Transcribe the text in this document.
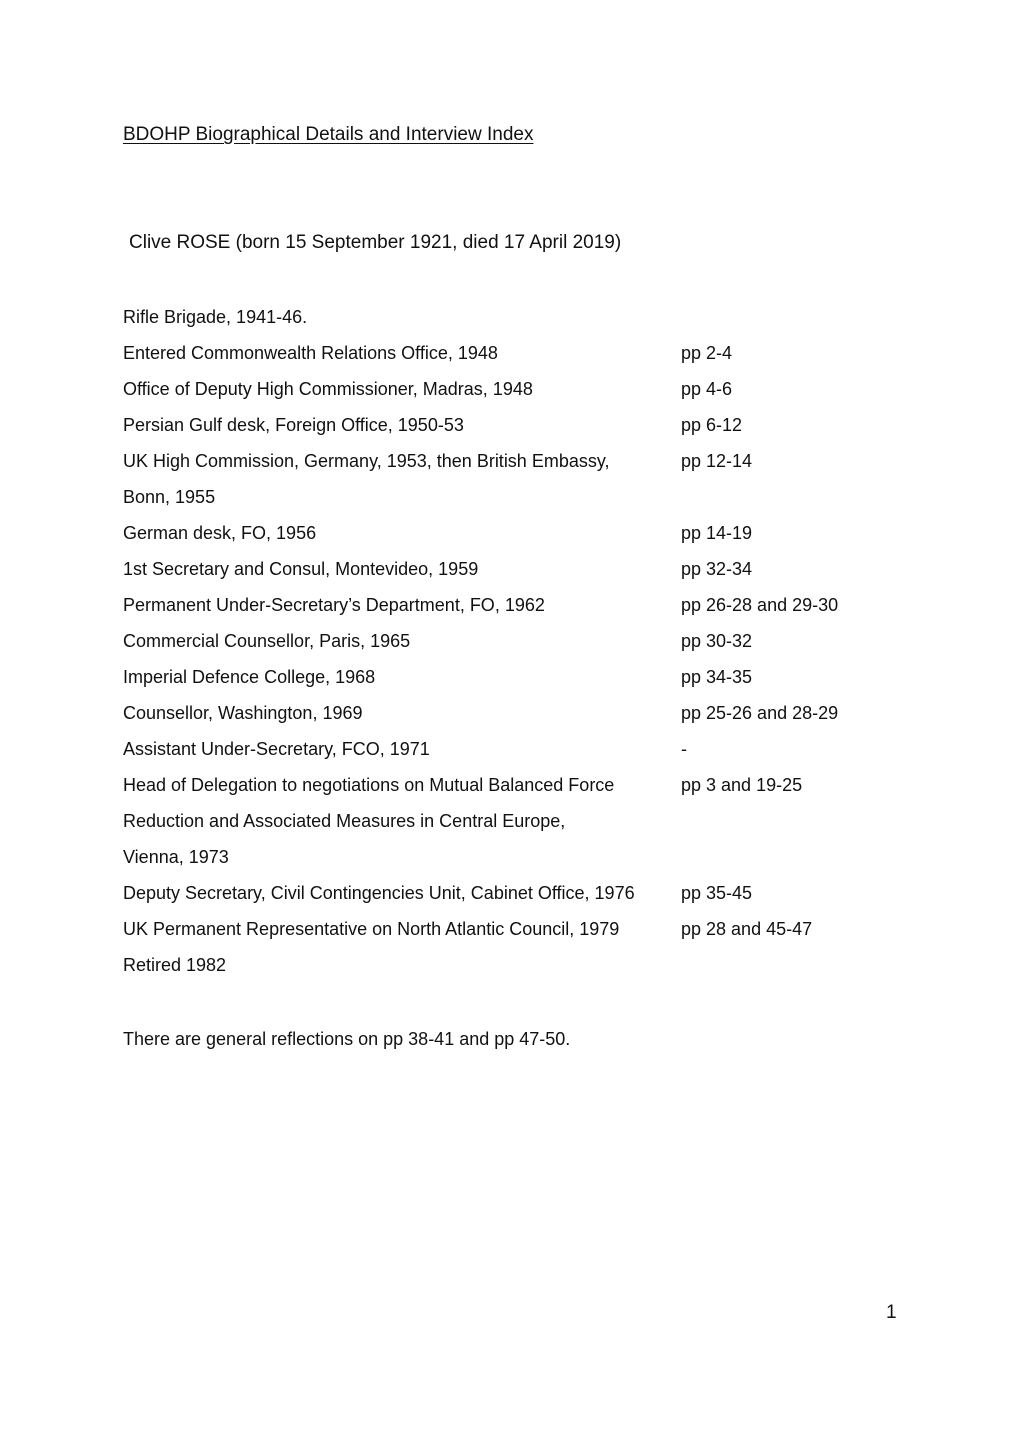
BDOHP Biographical Details and Interview Index
Clive ROSE (born 15 September 1921, died 17 April 2019)
Rifle Brigade, 1941-46.
Entered Commonwealth Relations Office, 1948	pp 2-4
Office of Deputy High Commissioner, Madras, 1948	pp 4-6
Persian Gulf desk, Foreign Office, 1950-53	pp 6-12
UK High Commission, Germany, 1953, then British Embassy,	pp 12-14
Bonn, 1955
German desk, FO, 1956	pp 14-19
1st Secretary and Consul, Montevideo, 1959	pp 32-34
Permanent Under-Secretary’s Department, FO, 1962	pp 26-28 and 29-30
Commercial Counsellor, Paris, 1965	pp 30-32
Imperial Defence College, 1968	pp 34-35
Counsellor, Washington, 1969	pp 25-26 and 28-29
Assistant Under-Secretary, FCO, 1971	-
Head of Delegation to negotiations on Mutual Balanced Force	pp 3 and 19-25
Reduction and Associated Measures in Central Europe,
Vienna, 1973
Deputy Secretary, Civil Contingencies Unit, Cabinet Office, 1976	pp 35-45
UK Permanent Representative on North Atlantic Council, 1979	pp 28 and 45-47
Retired 1982
There are general reflections on pp 38-41 and pp 47-50.
1
